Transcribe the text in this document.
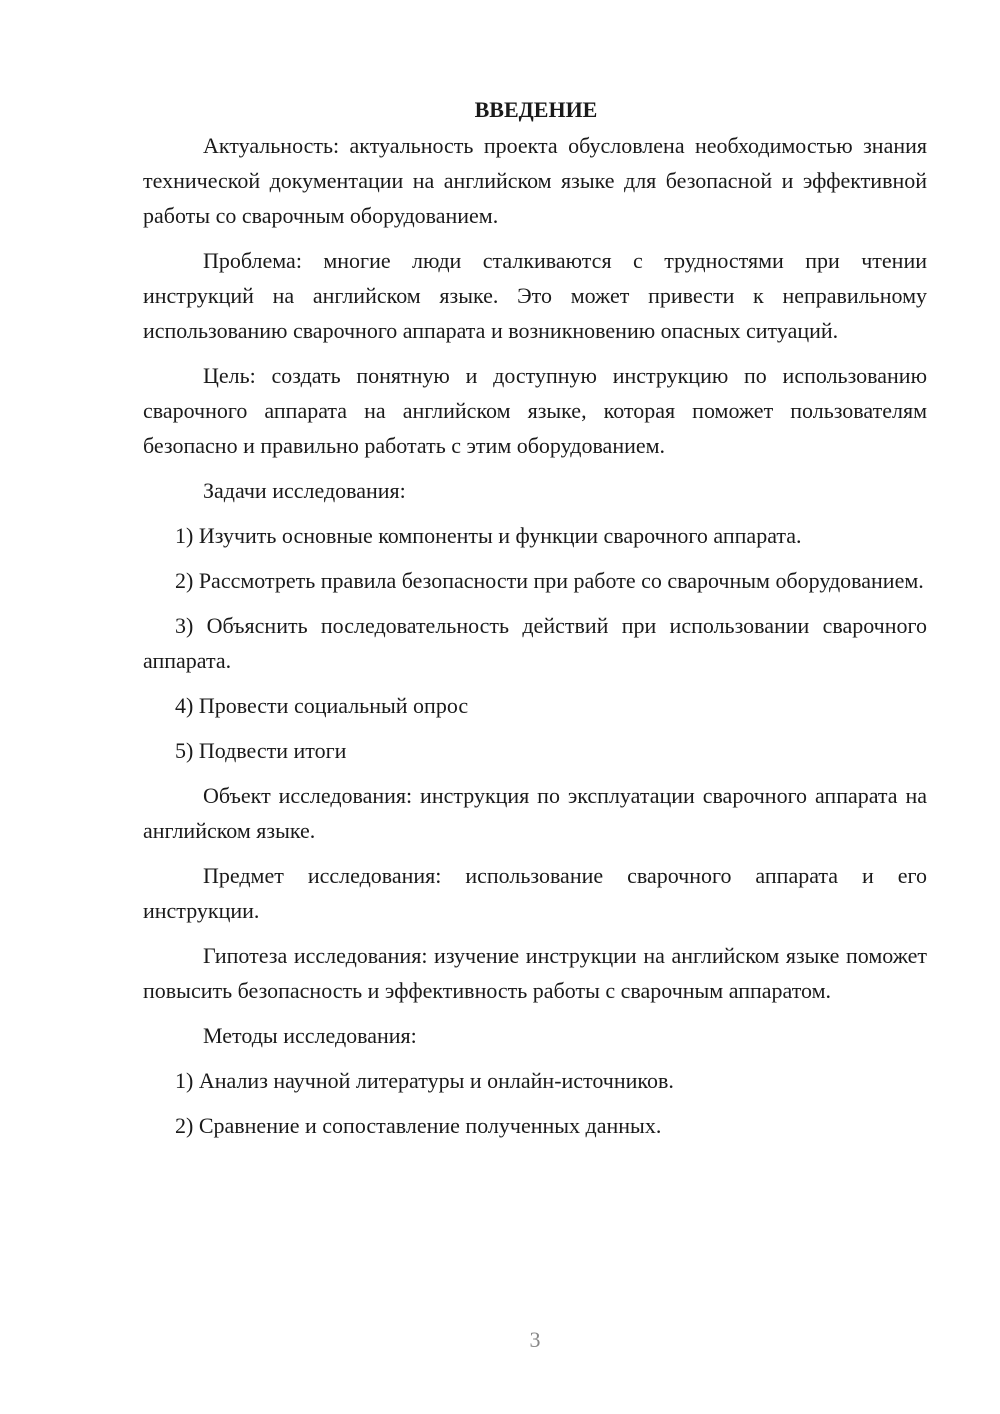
ВВЕДЕНИЕ

Актуальность: актуальность проекта обусловлена необходимостью знания технической документации на английском языке для безопасной и эффективной работы со сварочным оборудованием.

Проблема: многие люди сталкиваются с трудностями при чтении инструкций на английском языке. Это может привести к неправильному использованию сварочного аппарата и возникновению опасных ситуаций.

Цель: создать понятную и доступную инструкцию по использованию сварочного аппарата на английском языке, которая поможет пользователям безопасно и правильно работать с этим оборудованием.

Задачи исследования:

1) Изучить основные компоненты и функции сварочного аппарата.

2) Рассмотреть правила безопасности при работе со сварочным оборудованием.

3) Объяснить последовательность действий при использовании сварочного аппарата.

4) Провести социальный опрос

5) Подвести итоги

Объект исследования: инструкция по эксплуатации сварочного аппарата на английском языке.

Предмет исследования: использование сварочного аппарата и его инструкции.

Гипотеза исследования: изучение инструкции на английском языке поможет повысить безопасность и эффективность работы с сварочным аппаратом.

Методы исследования:

1) Анализ научной литературы и онлайн-источников.

2) Сравнение и сопоставление полученных данных.

3
